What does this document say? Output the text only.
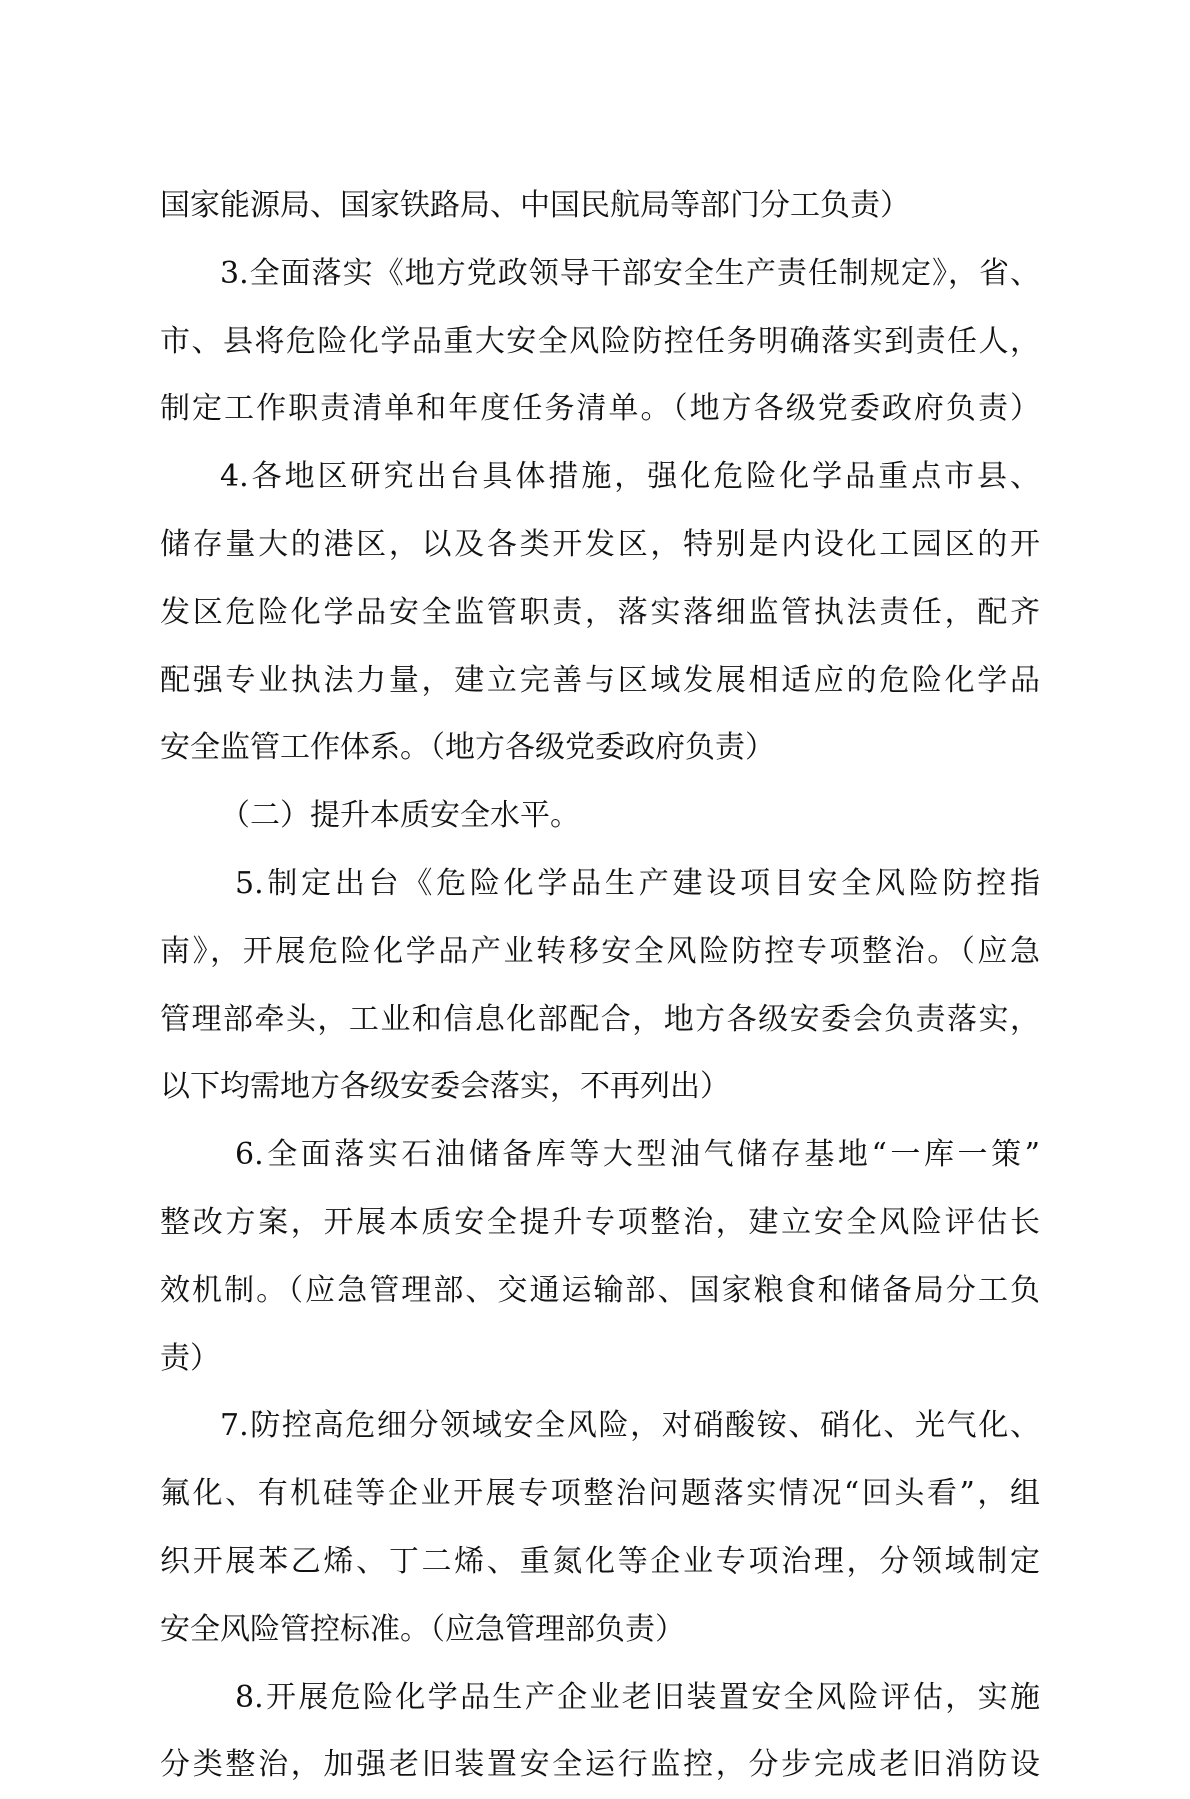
国家能源局、国家铁路局、中国民航局等部门分工负责）
3.全面落实《地方党政领导干部安全生产责任制规定》，省、
市、县将危险化学品重大安全风险防控任务明确落实到责任人，
制定工作职责清单和年度任务清单。（地方各级党委政府负责）
4.各地区研究出台具体措施，强化危险化学品重点市县、
储存量大的港区，以及各类开发区，特别是内设化工园区的开
发区危险化学品安全监管职责，落实落细监管执法责任，配齐
配强专业执法力量，建立完善与区域发展相适应的危险化学品
安全监管工作体系。（地方各级党委政府负责）
（二）提升本质安全水平。
5.制定出台《危险化学品生产建设项目安全风险防控指
南》，开展危险化学品产业转移安全风险防控专项整治。（应急
管理部牵头，工业和信息化部配合，地方各级安委会负责落实，
以下均需地方各级安委会落实，不再列出）
6.全面落实石油储备库等大型油气储存基地“一库一策”
整改方案，开展本质安全提升专项整治，建立安全风险评估长
效机制。（应急管理部、交通运输部、国家粮食和储备局分工负
责）
7.防控高危细分领域安全风险，对硝酸铵、硝化、光气化、
氟化、有机硅等企业开展专项整治问题落实情况“回头看”，组
织开展苯乙烯、丁二烯、重氮化等企业专项治理，分领域制定
安全风险管控标准。（应急管理部负责）
8.开展危险化学品生产企业老旧装置安全风险评估，实施
分类整治，加强老旧装置安全运行监控，分步完成老旧消防设
